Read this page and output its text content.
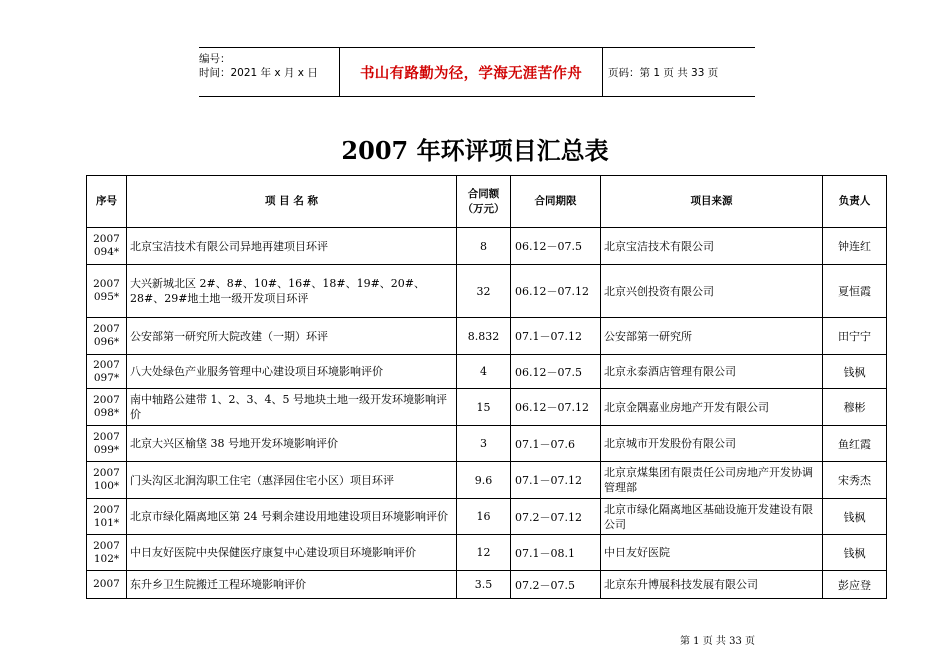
编号：
时间：2021 年 x 月 x 日	书山有路勤为径，学海无涯苦作舟	页码：第 1 页 共 33 页
2007 年环评项目汇总表
序号	项 目 名 称	合同额（万元）	合同期限	项目来源	负责人
2007 094*	北京宝洁技术有限公司异地再建项目环评	8	06.12－07.5	北京宝洁技术有限公司	钟连红
2007 095*	大兴新城北区 2#、8#、10#、16#、18#、19#、20#、28#、29#地土地一级开发项目环评	32	06.12－07.12	北京兴创投资有限公司	夏恒霞
2007 096*	公安部第一研究所大院改建（一期）环评	8.832	07.1－07.12	公安部第一研究所	田宁宁
2007 097*	八大处绿色产业服务管理中心建设项目环境影响评价	4	06.12－07.5	北京永泰酒店管理有限公司	钱枫
2007 098*	南中轴路公建带 1、2、3、4、5 号地块土地一级开发环境影响评价	15	06.12－07.12	北京金隅嘉业房地产开发有限公司	穆彬
2007 099*	北京大兴区榆垡 38 号地开发环境影响评价	3	07.1－07.6	北京城市开发股份有限公司	鱼红霞
2007 100*	门头沟区北涧沟职工住宅（惠泽园住宅小区）项目环评	9.6	07.1－07.12	北京京煤集团有限责任公司房地产开发协调管理部	宋秀杰
2007 101*	北京市绿化隔离地区第 24 号剩余建设用地建设项目环境影响评价	16	07.2－07.12	北京市绿化隔离地区基础设施开发建设有限公司	钱枫
2007 102*	中日友好医院中央保健医疗康复中心建设项目环境影响评价	12	07.1－08.1	中日友好医院	钱枫
2007	东升乡卫生院搬迁工程环境影响评价	3.5	07.2－07.5	北京东升博展科技发展有限公司	彭应登
第 1 页 共 33 页
